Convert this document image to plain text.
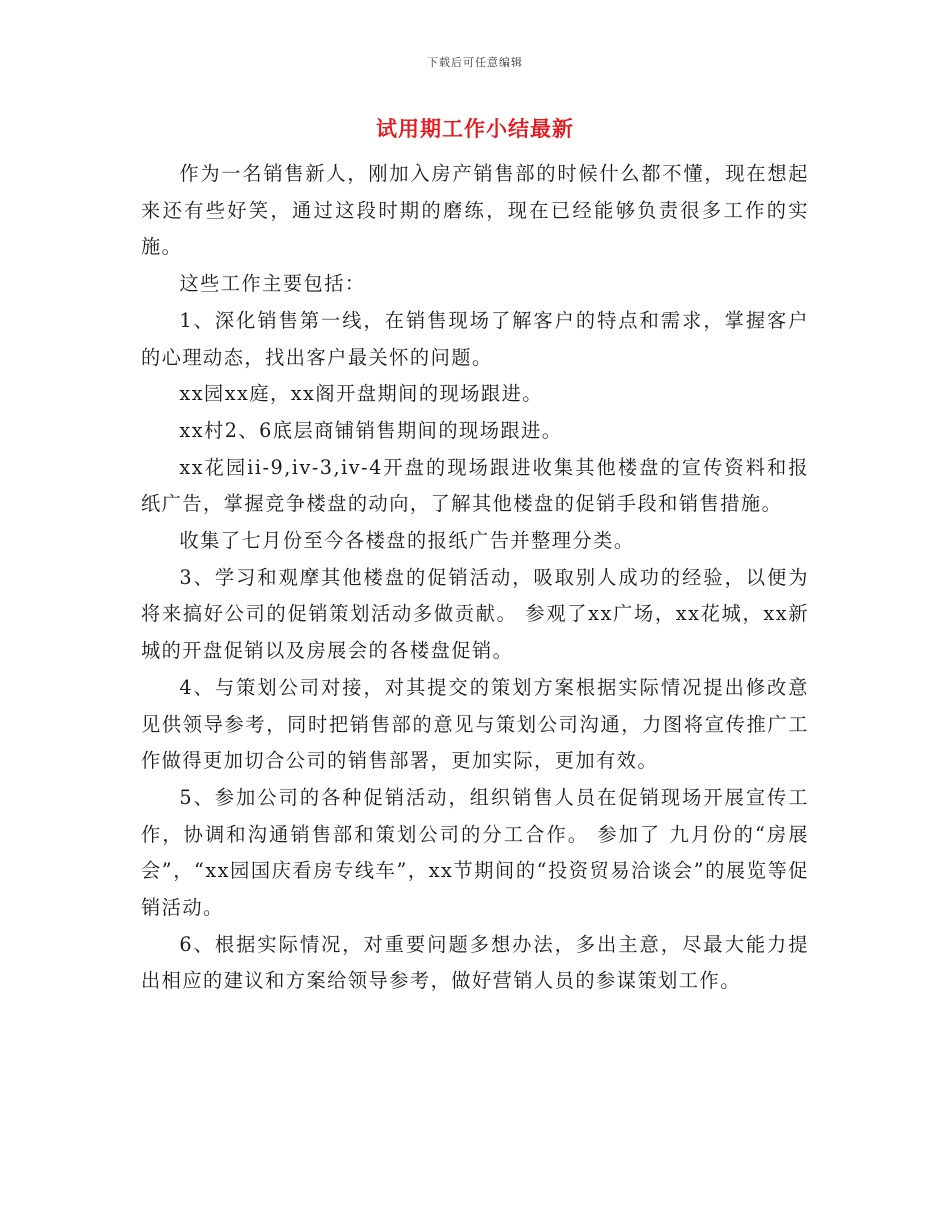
下载后可任意编辑
试用期工作小结最新

作为一名销售新人，刚加入房产销售部的时候什么都不懂，现在想起来还有些好笑，通过这段时期的磨练，现在已经能够负责很多工作的实施。

这些工作主要包括：

1、深化销售第一线，在销售现场了解客户的特点和需求，掌握客户的心理动态，找出客户最关怀的问题。

xx园xx庭，xx阁开盘期间的现场跟进。

xx村2、6底层商铺销售期间的现场跟进。

xx花园ii-9,iv-3,iv-4开盘的现场跟进收集其他楼盘的宣传资料和报纸广告，掌握竞争楼盘的动向，了解其他楼盘的促销手段和销售措施。

收集了七月份至今各楼盘的报纸广告并整理分类。

3、学习和观摩其他楼盘的促销活动，吸取别人成功的经验，以便为将来搞好公司的促销策划活动多做贡献。 参观了xx广场，xx花城，xx新城的开盘促销以及房展会的各楼盘促销。

4、与策划公司对接，对其提交的策划方案根据实际情况提出修改意见供领导参考，同时把销售部的意见与策划公司沟通，力图将宣传推广工作做得更加切合公司的销售部署，更加实际，更加有效。

5、参加公司的各种促销活动，组织销售人员在促销现场开展宣传工作，协调和沟通销售部和策划公司的分工合作。 参加了 九月份的“房展会”，“xx园国庆看房专线车”，xx节期间的“投资贸易洽谈会”的展览等促销活动。

6、根据实际情况，对重要问题多想办法，多出主意，尽最大能力提出相应的建议和方案给领导参考，做好营销人员的参谋策划工作。
